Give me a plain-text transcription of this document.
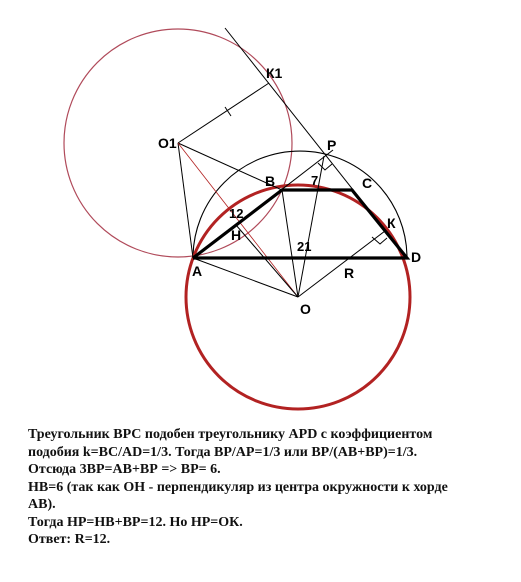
К1
О1	Р
В	С
К
Н
А
D
О
R
7
12
21
Треугольник ВРС подобен треугольнику АРD с коэффициентом
подобия k=ВС/АD=1/3. Тогда ВР/АР=1/3 или ВР/(АВ+ВР)=1/3.
Отсюда 3ВР=АВ+ВР => ВР= 6.
НВ=6 (так как ОН - перпендикуляр из центра окружности к хорде
АВ).
Тогда НР=НВ+ВР=12. Но НР=ОК.
Ответ: R=12.
